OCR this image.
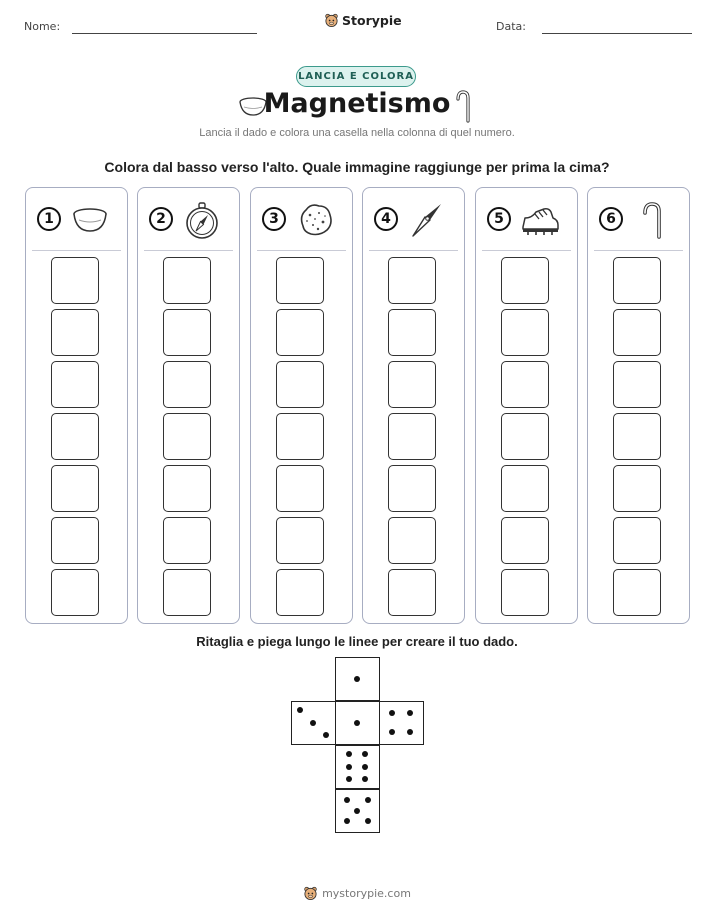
Nome:	Storypie	Data:
LANCIA E COLORA
Magnetismo
Lancia il dado e colora una casella nella colonna di quel numero.
Colora dal basso verso l'alto. Quale immagine raggiunge per prima la cima?
1	2	3	4	5	6
Ritaglia e piega lungo le linee per creare il tuo dado.
mystorypie.com
